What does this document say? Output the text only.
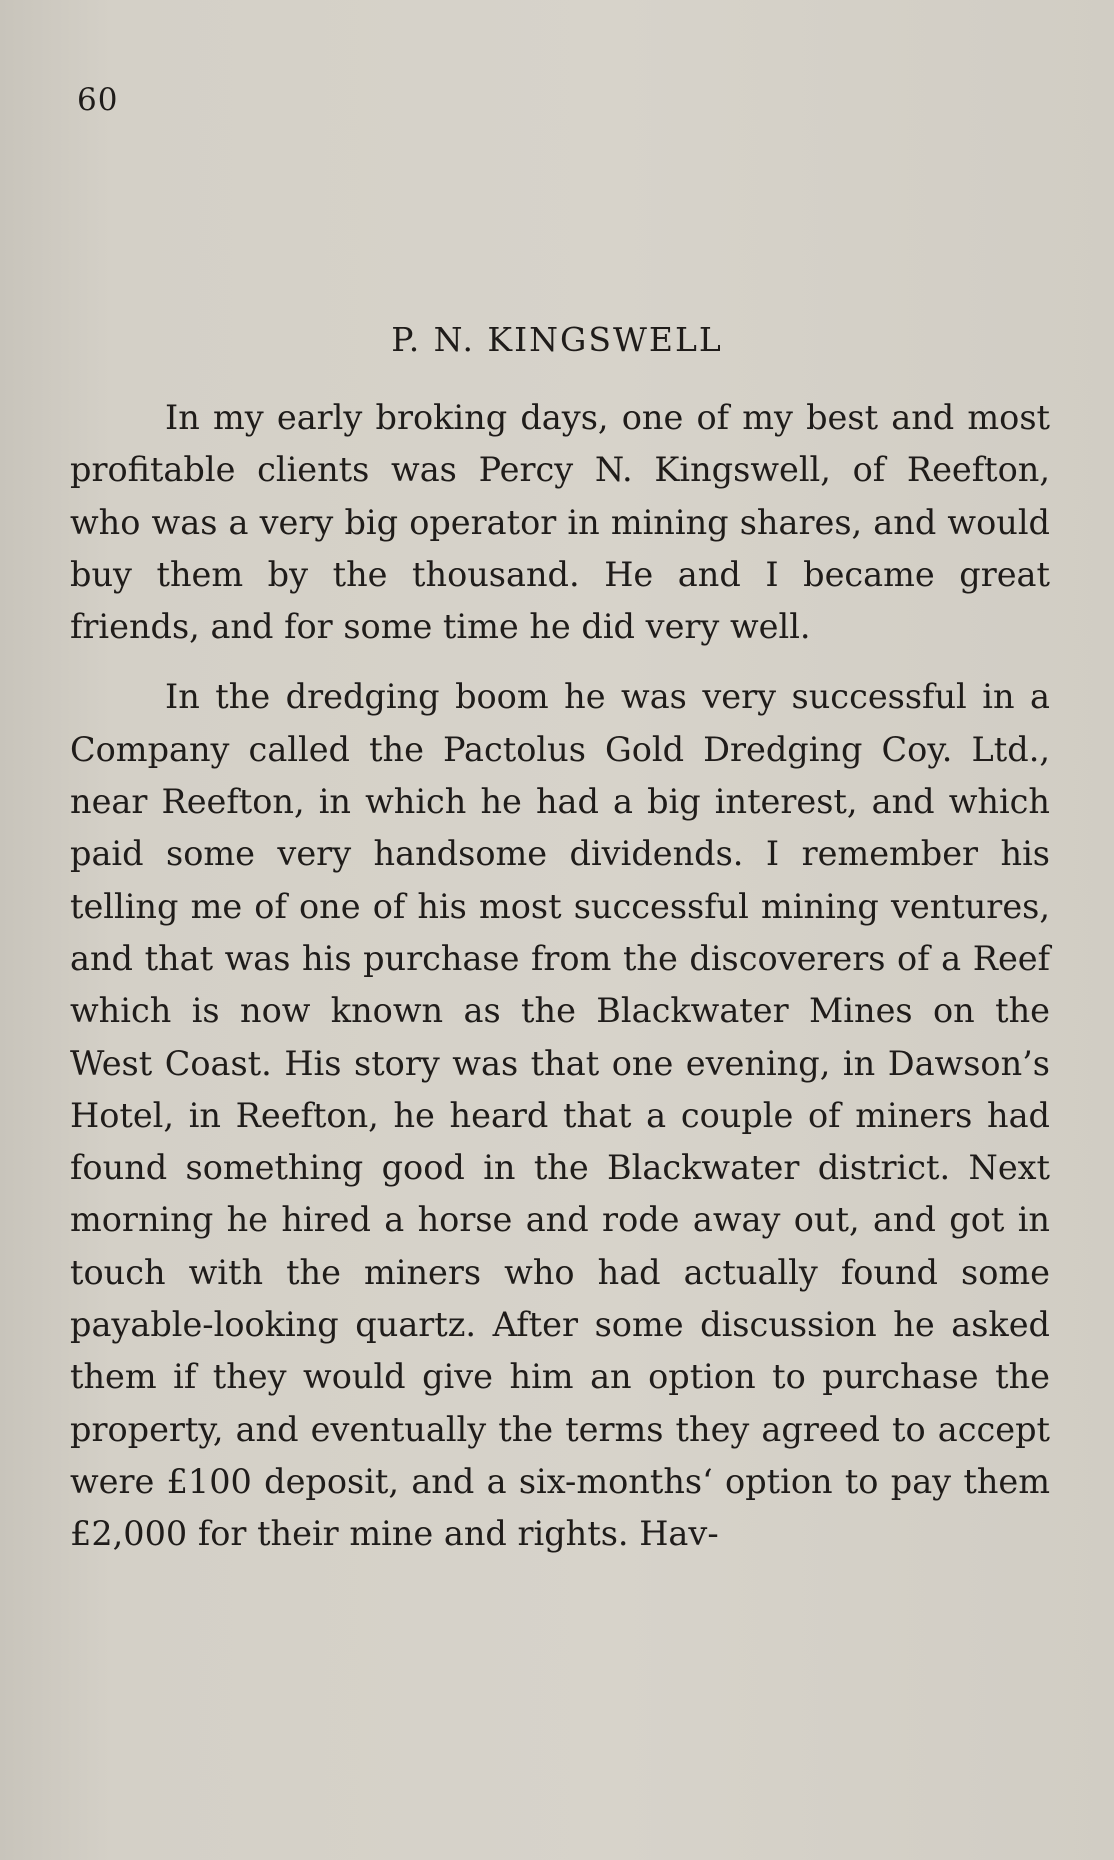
60
P. N. KINGSWELL

In my early broking days, one of my best and most profitable clients was Percy N. Kingswell, of Reefton, who was a very big operator in mining shares, and would buy them by the thousand. He and I became great friends, and for some time he did very well.

In the dredging boom he was very successful in a Company called the Pactolus Gold Dredging Coy. Ltd., near Reefton, in which he had a big interest, and which paid some very handsome dividends. I remember his telling me of one of his most successful mining ventures, and that was his purchase from the discoverers of a Reef which is now known as the Blackwater Mines on the West Coast. His story was that one evening, in Dawson’s Hotel, in Reefton, he heard that a couple of miners had found something good in the Blackwater district. Next morning he hired a horse and rode away out, and got in touch with the miners who had actually found some payable-looking quartz. After some discussion he asked them if they would give him an option to purchase the property, and eventually the terms they agreed to accept were £100 deposit, and a six-months‘ option to pay them £2,000 for their mine and rights. Hav-
